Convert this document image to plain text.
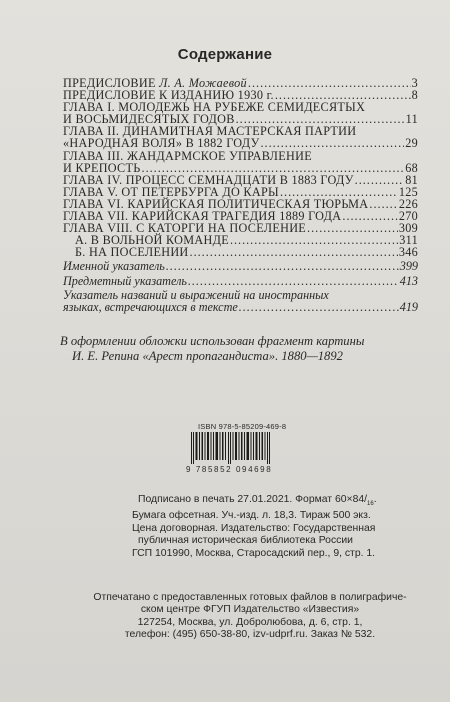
Содержание
ПРЕДИСЛОВИЕ Л. А. Можаевой .....	3
ПРЕДИСЛОВИЕ К ИЗДАНИЮ 1930 г. .....	8
ГЛАВА I. МОЛОДЕЖЬ НА РУБЕЖЕ СЕМИДЕСЯТЫХ
И ВОСЬМИДЕСЯТЫХ ГОДОВ .....	11
ГЛАВА II. ДИНАМИТНАЯ МАСТЕРСКАЯ ПАРТИИ
«НАРОДНАЯ ВОЛЯ» В 1882 ГОДУ .....	29
ГЛАВА III. ЖАНДАРМСКОЕ УПРАВЛЕНИЕ
И КРЕПОСТЬ .....	68
ГЛАВА IV. ПРОЦЕСС СЕМНАДЦАТИ В 1883 ГОДУ .....	81
ГЛАВА V. ОТ ПЕТЕРБУРГА ДО КАРЫ .....	125
ГЛАВА VI. КАРИЙСКАЯ ПОЛИТИЧЕСКАЯ ТЮРЬМА ..... 226
ГЛАВА VII. КАРИЙСКАЯ ТРАГЕДИЯ 1889 ГОДА .....	270
ГЛАВА VIII. С КАТОРГИ НА ПОСЕЛЕНИЕ .....	309
А. В ВОЛЬНОЙ КОМАНДЕ .....	311
Б. НА ПОСЕЛЕНИИ .....	346
Именной указатель .....	399
Предметный указатель .....	413
Указатель названий и выражений на иностранных
языках, встречающихся в тексте .....	419
В оформлении обложки использован фрагмент картины
И. Е. Репина «Арест пропагандиста». 1880—1892
ISBN 978-5-85209-469-8
9 785852 094698
Подписано в печать 27.01.2021. Формат $60\times 84/_{16}$.
Бумага офсетная. Уч.-изд. л. 18,3. Тираж 500 экз.
Цена договорная. Издательство: Государственная
публичная историческая библиотека России
ГСП 101990, Москва, Старосадский пер., 9, стр. 1.
Отпечатано с предоставленных готовых файлов в полиграфиче-
ском центре ФГУП Издательство «Известия»
127254, Москва, ул. Добролюбова, д. 6, стр. 1,
телефон: (495) 650-38-80, izv-udprf.ru. Заказ № 532.
